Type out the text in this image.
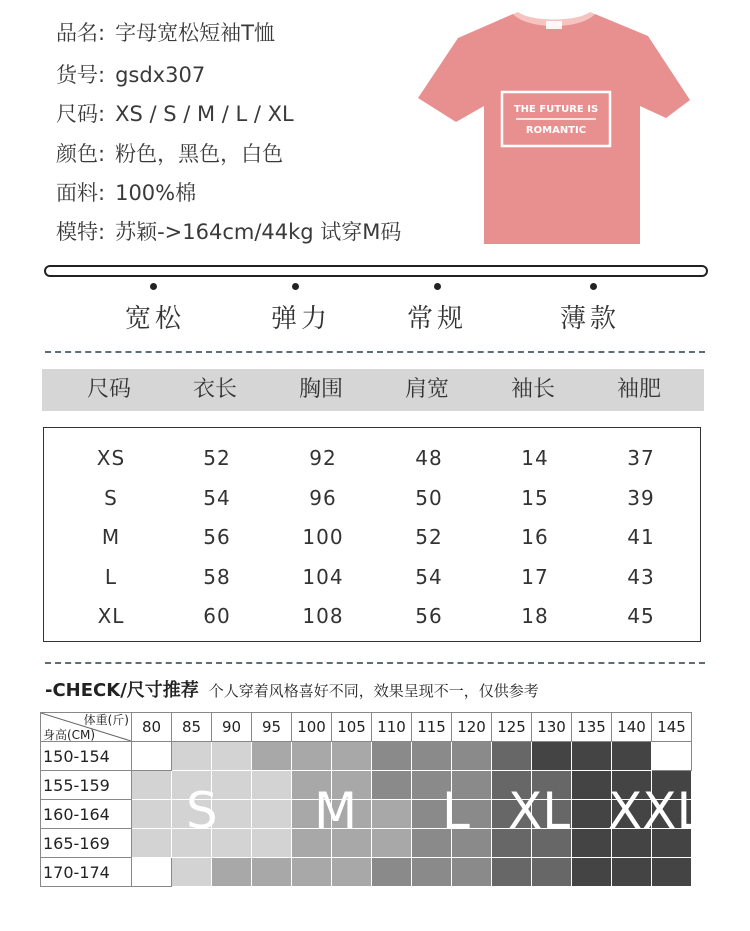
品名: 字母宽松短袖T恤
货号: gsdx307
尺码: XS / S / M / L / XL
颜色: 粉色，黑色，白色
面料: 100%棉
模特: 苏颖->164cm/44kg 试穿M码
THE FUTURE IS
ROMANTIC
宽松	弹力	常规	薄款
尺码	衣长	胸围	肩宽	袖长	袖肥
XS	52	92	48	14	37
S	54	96	50	15	39
M	56	100	52	16	41
L	58	104	54	17	43
XL	60	108	56	18	45
-CHECK/尺寸推荐 个人穿着风格喜好不同，效果呈现不一，仅供参考
体重(斤)
身高(CM)	80	85	90	95	100	105	110	115	120	125	130	135	140	145
150-154														
155-159														
160-164														
165-169														
170-174														
S M L XL XXL
